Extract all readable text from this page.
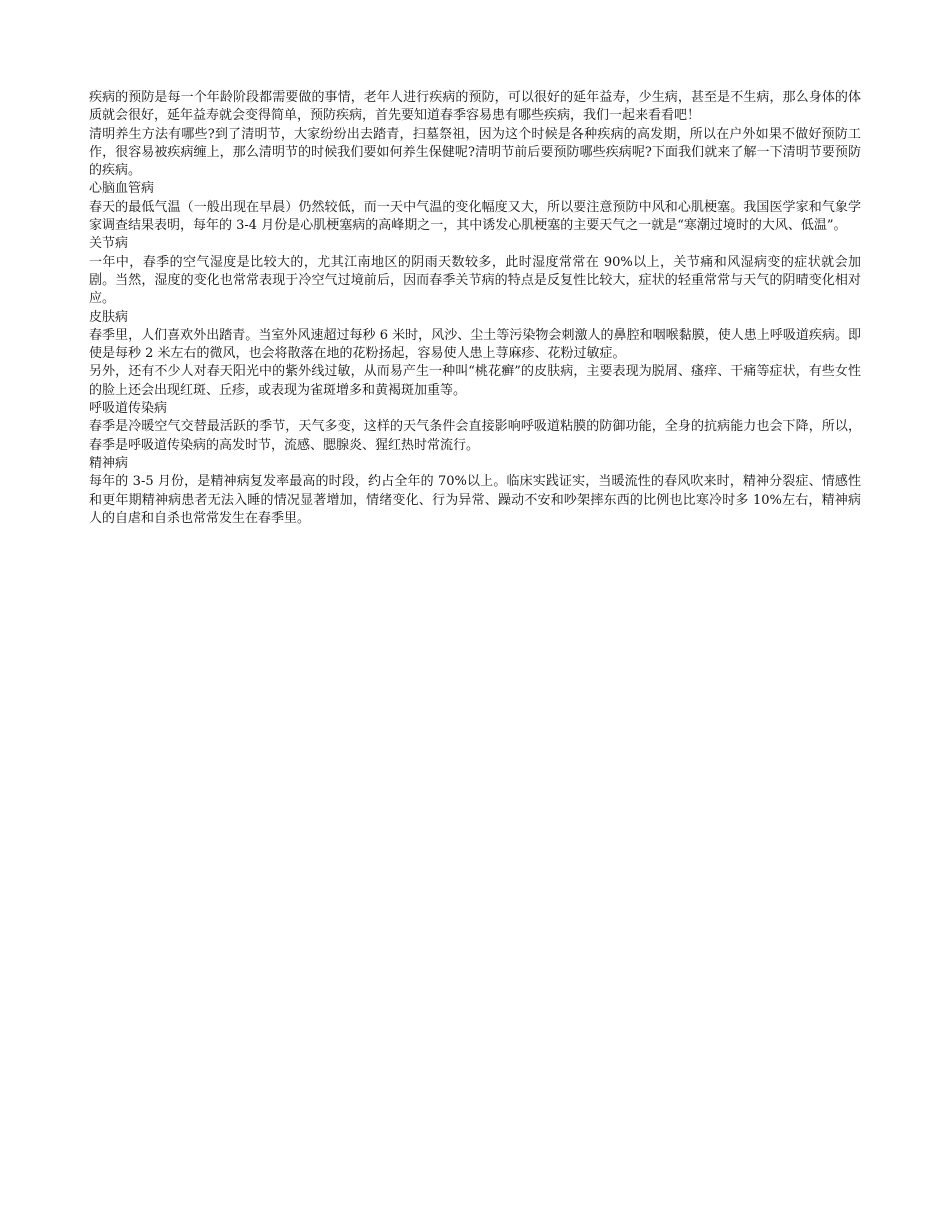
疾病的预防是每一个年龄阶段都需要做的事情，老年人进行疾病的预防，可以很好的延年益寿，少生病，甚至是不生病，那么身体的体质就会很好，延年益寿就会变得简单，预防疾病，首先要知道春季容易患有哪些疾病，我们一起来看看吧！

清明养生方法有哪些?到了清明节，大家纷纷出去踏青，扫墓祭祖，因为这个时候是各种疾病的高发期，所以在户外如果不做好预防工作，很容易被疾病缠上，那么清明节的时候我们要如何养生保健呢?清明节前后要预防哪些疾病呢?下面我们就来了解一下清明节要预防的疾病。

心脑血管病

春天的最低气温（一般出现在早晨）仍然较低，而一天中气温的变化幅度又大，所以要注意预防中风和心肌梗塞。我国医学家和气象学家调查结果表明，每年的 3-4 月份是心肌梗塞病的高峰期之一，其中诱发心肌梗塞的主要天气之一就是“寒潮过境时的大风、低温”。

关节病

一年中，春季的空气湿度是比较大的，尤其江南地区的阴雨天数较多，此时湿度常常在 90%以上，关节痛和风湿病变的症状就会加剧。当然，湿度的变化也常常表现于冷空气过境前后，因而春季关节病的特点是反复性比较大，症状的轻重常常与天气的阴晴变化相对应。

皮肤病

春季里，人们喜欢外出踏青。当室外风速超过每秒 6 米时，风沙、尘土等污染物会刺激人的鼻腔和咽喉黏膜，使人患上呼吸道疾病。即使是每秒 2 米左右的微风，也会将散落在地的花粉扬起，容易使人患上荨麻疹、花粉过敏症。

另外，还有不少人对春天阳光中的紫外线过敏，从而易产生一种叫“桃花癣”的皮肤病，主要表现为脱屑、瘙痒、干痛等症状，有些女性的脸上还会出现红斑、丘疹，或表现为雀斑增多和黄褐斑加重等。

呼吸道传染病

春季是冷暖空气交替最活跃的季节，天气多变，这样的天气条件会直接影响呼吸道粘膜的防御功能，全身的抗病能力也会下降，所以，春季是呼吸道传染病的高发时节，流感、腮腺炎、猩红热时常流行。

精神病

每年的 3-5 月份，是精神病复发率最高的时段，约占全年的 70%以上。临床实践证实，当暖流性的春风吹来时，精神分裂症、情感性和更年期精神病患者无法入睡的情况显著增加，情绪变化、行为异常、躁动不安和吵架摔东西的比例也比寒冷时多 10%左右，精神病人的自虐和自杀也常常发生在春季里。
